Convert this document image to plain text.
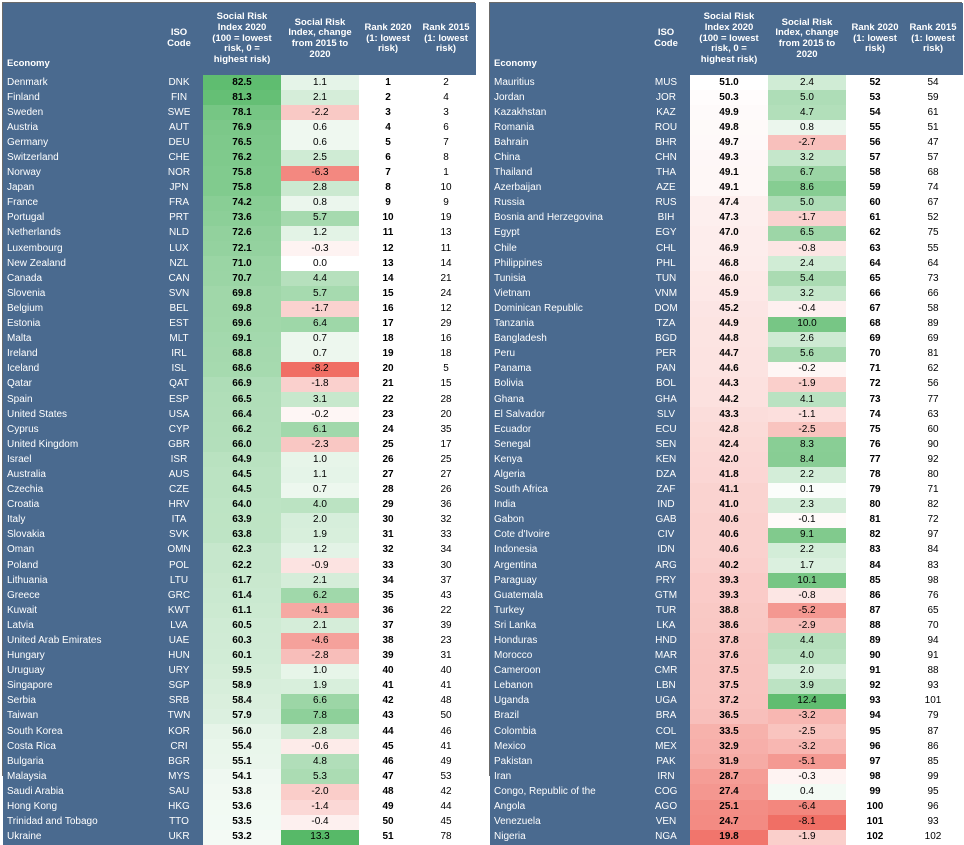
Economy	ISO Code	Social Risk Index 2020 (100 = lowest risk, 0 = highest risk)	Social Risk Index, change from 2015 to 2020	Rank 2020 (1: lowest risk)	Rank 2015 (1: lowest risk)
Denmark	DNK	82.5	1.1	1	2
Finland	FIN	81.3	2.1	2	4
Sweden	SWE	78.1	-2.2	3	3
Austria	AUT	76.9	0.6	4	6
Germany	DEU	76.5	0.6	5	7
Switzerland	CHE	76.2	2.5	6	8
Norway	NOR	75.8	-6.3	7	1
Japan	JPN	75.8	2.8	8	10
France	FRA	74.2	0.8	9	9
Portugal	PRT	73.6	5.7	10	19
Netherlands	NLD	72.6	1.2	11	13
Luxembourg	LUX	72.1	-0.3	12	11
New Zealand	NZL	71.0	0.0	13	14
Canada	CAN	70.7	4.4	14	21
Slovenia	SVN	69.8	5.7	15	24
Belgium	BEL	69.8	-1.7	16	12
Estonia	EST	69.6	6.4	17	29
Malta	MLT	69.1	0.7	18	16
Ireland	IRL	68.8	0.7	19	18
Iceland	ISL	68.6	-8.2	20	5
Qatar	QAT	66.9	-1.8	21	15
Spain	ESP	66.5	3.1	22	28
United States	USA	66.4	-0.2	23	20
Cyprus	CYP	66.2	6.1	24	35
United Kingdom	GBR	66.0	-2.3	25	17
Israel	ISR	64.9	1.0	26	25
Australia	AUS	64.5	1.1	27	27
Czechia	CZE	64.5	0.7	28	26
Croatia	HRV	64.0	4.0	29	36
Italy	ITA	63.9	2.0	30	32
Slovakia	SVK	63.8	1.9	31	33
Oman	OMN	62.3	1.2	32	34
Poland	POL	62.2	-0.9	33	30
Lithuania	LTU	61.7	2.1	34	37
Greece	GRC	61.4	6.2	35	43
Kuwait	KWT	61.1	-4.1	36	22
Latvia	LVA	60.5	2.1	37	39
United Arab Emirates	UAE	60.3	-4.6	38	23
Hungary	HUN	60.1	-2.8	39	31
Uruguay	URY	59.5	1.0	40	40
Singapore	SGP	58.9	1.9	41	41
Serbia	SRB	58.4	6.6	42	48
Taiwan	TWN	57.9	7.8	43	50
South Korea	KOR	56.0	2.8	44	46
Costa Rica	CRI	55.4	-0.6	45	41
Bulgaria	BGR	55.1	4.8	46	49
Malaysia	MYS	54.1	5.3	47	53
Saudi Arabia	SAU	53.8	-2.0	48	42
Hong Kong	HKG	53.6	-1.4	49	44
Trinidad and Tobago	TTO	53.5	-0.4	50	45
Ukraine	UKR	53.2	13.3	51	78
Economy	ISO Code	Social Risk Index 2020 (100 = lowest risk, 0 = highest risk)	Social Risk Index, change from 2015 to 2020	Rank 2020 (1: lowest risk)	Rank 2015 (1: lowest risk)
Mauritius	MUS	51.0	2.4	52	54
Jordan	JOR	50.3	5.0	53	59
Kazakhstan	KAZ	49.9	4.7	54	61
Romania	ROU	49.8	0.8	55	51
Bahrain	BHR	49.7	-2.7	56	47
China	CHN	49.3	3.2	57	57
Thailand	THA	49.1	6.7	58	68
Azerbaijan	AZE	49.1	8.6	59	74
Russia	RUS	47.4	5.0	60	67
Bosnia and Herzegovina	BIH	47.3	-1.7	61	52
Egypt	EGY	47.0	6.5	62	75
Chile	CHL	46.9	-0.8	63	55
Philippines	PHL	46.8	2.4	64	64
Tunisia	TUN	46.0	5.4	65	73
Vietnam	VNM	45.9	3.2	66	66
Dominican Republic	DOM	45.2	-0.4	67	58
Tanzania	TZA	44.9	10.0	68	89
Bangladesh	BGD	44.8	2.6	69	69
Peru	PER	44.7	5.6	70	81
Panama	PAN	44.6	-0.2	71	62
Bolivia	BOL	44.3	-1.9	72	56
Ghana	GHA	44.2	4.1	73	77
El Salvador	SLV	43.3	-1.1	74	63
Ecuador	ECU	42.8	-2.5	75	60
Senegal	SEN	42.4	8.3	76	90
Kenya	KEN	42.0	8.4	77	92
Algeria	DZA	41.8	2.2	78	80
South Africa	ZAF	41.1	0.1	79	71
India	IND	41.0	2.3	80	82
Gabon	GAB	40.6	-0.1	81	72
Cote d'Ivoire	CIV	40.6	9.1	82	97
Indonesia	IDN	40.6	2.2	83	84
Argentina	ARG	40.2	1.7	84	83
Paraguay	PRY	39.3	10.1	85	98
Guatemala	GTM	39.3	-0.8	86	76
Turkey	TUR	38.8	-5.2	87	65
Sri Lanka	LKA	38.6	-2.9	88	70
Honduras	HND	37.8	4.4	89	94
Morocco	MAR	37.6	4.0	90	91
Cameroon	CMR	37.5	2.0	91	88
Lebanon	LBN	37.5	3.9	92	93
Uganda	UGA	37.2	12.4	93	101
Brazil	BRA	36.5	-3.2	94	79
Colombia	COL	33.5	-2.5	95	87
Mexico	MEX	32.9	-3.2	96	86
Pakistan	PAK	31.9	-5.1	97	85
Iran	IRN	28.7	-0.3	98	99
Congo, Republic of the	COG	27.4	0.4	99	95
Angola	AGO	25.1	-6.4	100	96
Venezuela	VEN	24.7	-8.1	101	93
Nigeria	NGA	19.8	-1.9	102	102
